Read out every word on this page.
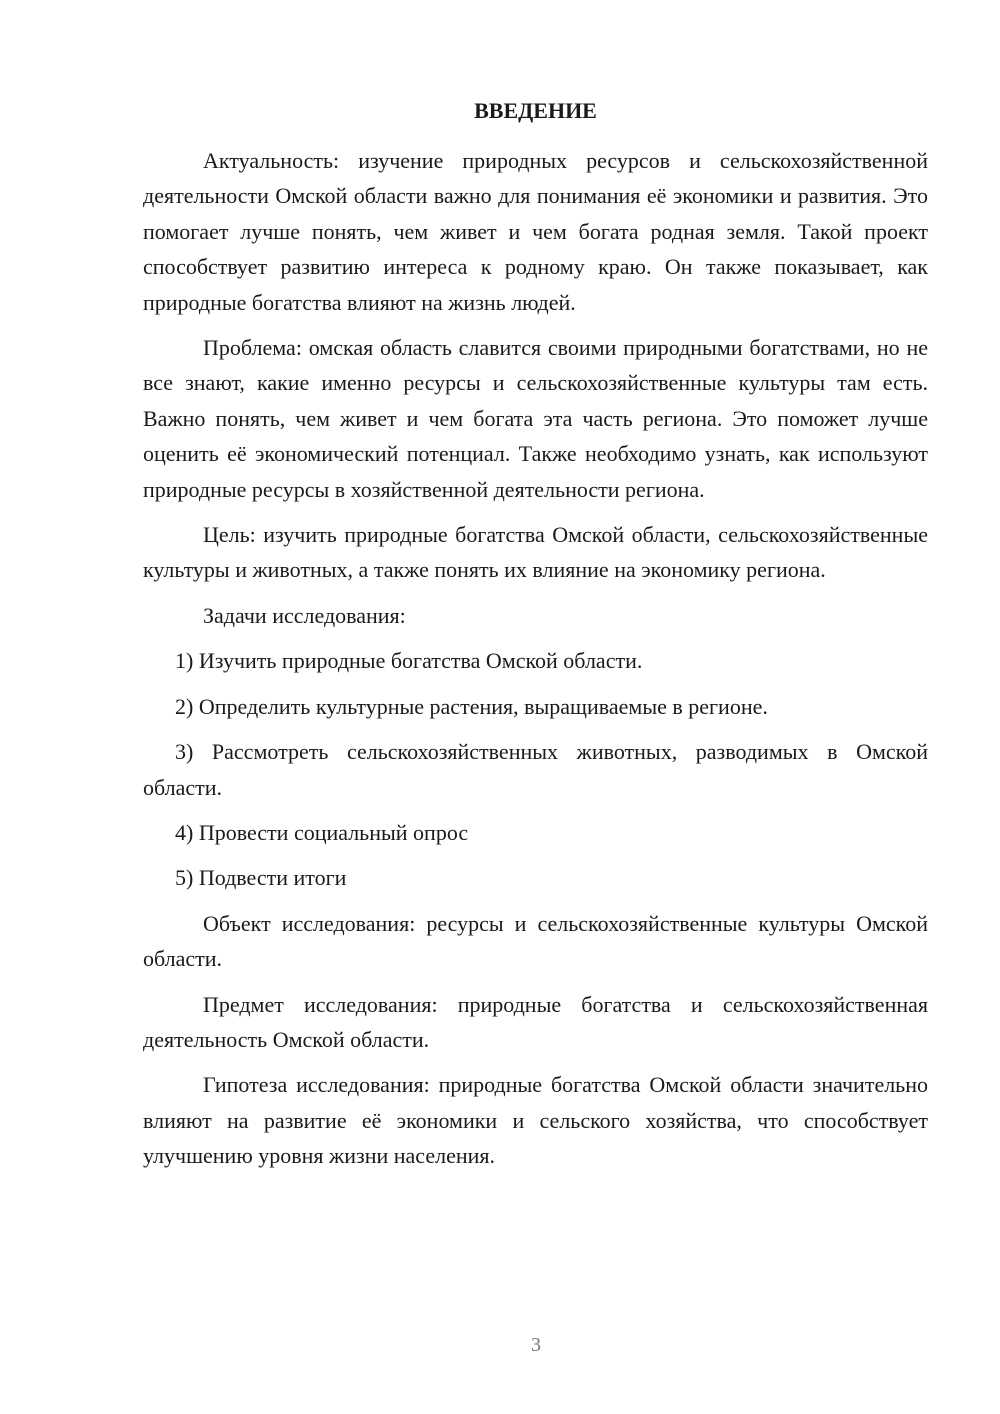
ВВЕДЕНИЕ

Актуальность: изучение природных ресурсов и сельскохозяйственной деятельности Омской области важно для понимания её экономики и развития. Это помогает лучше понять, чем живет и чем богата родная земля. Такой проект способствует развитию интереса к родному краю. Он также показывает, как природные богатства влияют на жизнь людей.

Проблема: омская область славится своими природными богатствами, но не все знают, какие именно ресурсы и сельскохозяйственные культуры там есть. Важно понять, чем живет и чем богата эта часть региона. Это поможет лучше оценить её экономический потенциал. Также необходимо узнать, как используют природные ресурсы в хозяйственной деятельности региона.

Цель: изучить природные богатства Омской области, сельскохозяйственные культуры и животных, а также понять их влияние на экономику региона.

Задачи исследования:

1) Изучить природные богатства Омской области.

2) Определить культурные растения, выращиваемые в регионе.

3) Рассмотреть сельскохозяйственных животных, разводимых в Омской области.

4) Провести социальный опрос

5) Подвести итоги

Объект исследования: ресурсы и сельскохозяйственные культуры Омской области.

Предмет исследования: природные богатства и сельскохозяйственная деятельность Омской области.

Гипотеза исследования: природные богатства Омской области значительно влияют на развитие её экономики и сельского хозяйства, что способствует улучшению уровня жизни населения.

3
